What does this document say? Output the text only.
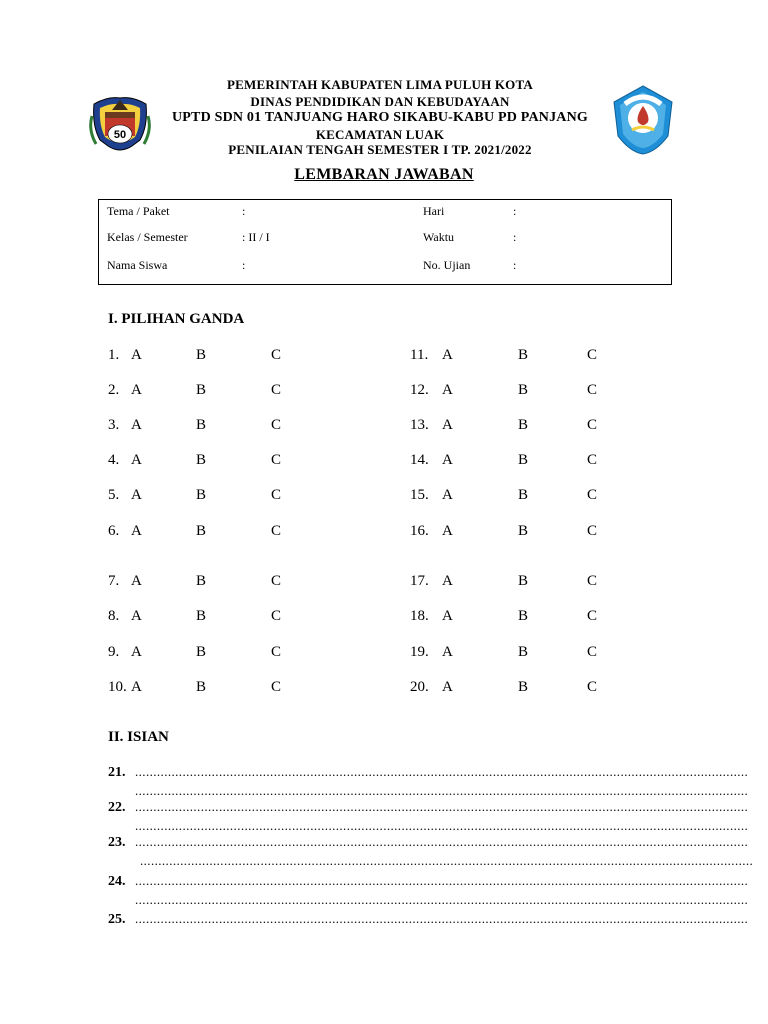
50
PEMERINTAH KABUPATEN LIMA PULUH KOTA
DINAS PENDIDIKAN DAN KEBUDAYAAN
UPTD SDN 01 TANJUANG HARO SIKABU-KABU PD PANJANG
KECAMATAN LUAK
PENILAIAN TENGAH SEMESTER I TP. 2021/2022
LEMBARAN JAWABAN
Tema / Paket	:
Kelas / Semester	: II / I
Nama Siswa	:
Hari	:
Waktu	:
No. Ujian	:
I. PILIHAN GANDA
1. A	B	C	11. A	B	C
2. A	B	C	12. A	B	C
3. A	B	C	13. A	B	C
4. A	B	C	14. A	B	C
5. A	B	C	15. A	B	C
6. A	B	C	16. A	B	C
7. A	B	C	17. A	B	C
8. A	B	C	18. A	B	C
9. A	B	C	19. A	B	C
10. A	B	C	20. A	B	C
II. ISIAN
21. ........................................................................................................................................................................
........................................................................................................................................................................
22. ........................................................................................................................................................................
........................................................................................................................................................................
23. ........................................................................................................................................................................
........................................................................................................................................................................
24. ........................................................................................................................................................................
........................................................................................................................................................................
25. ........................................................................................................................................................................
